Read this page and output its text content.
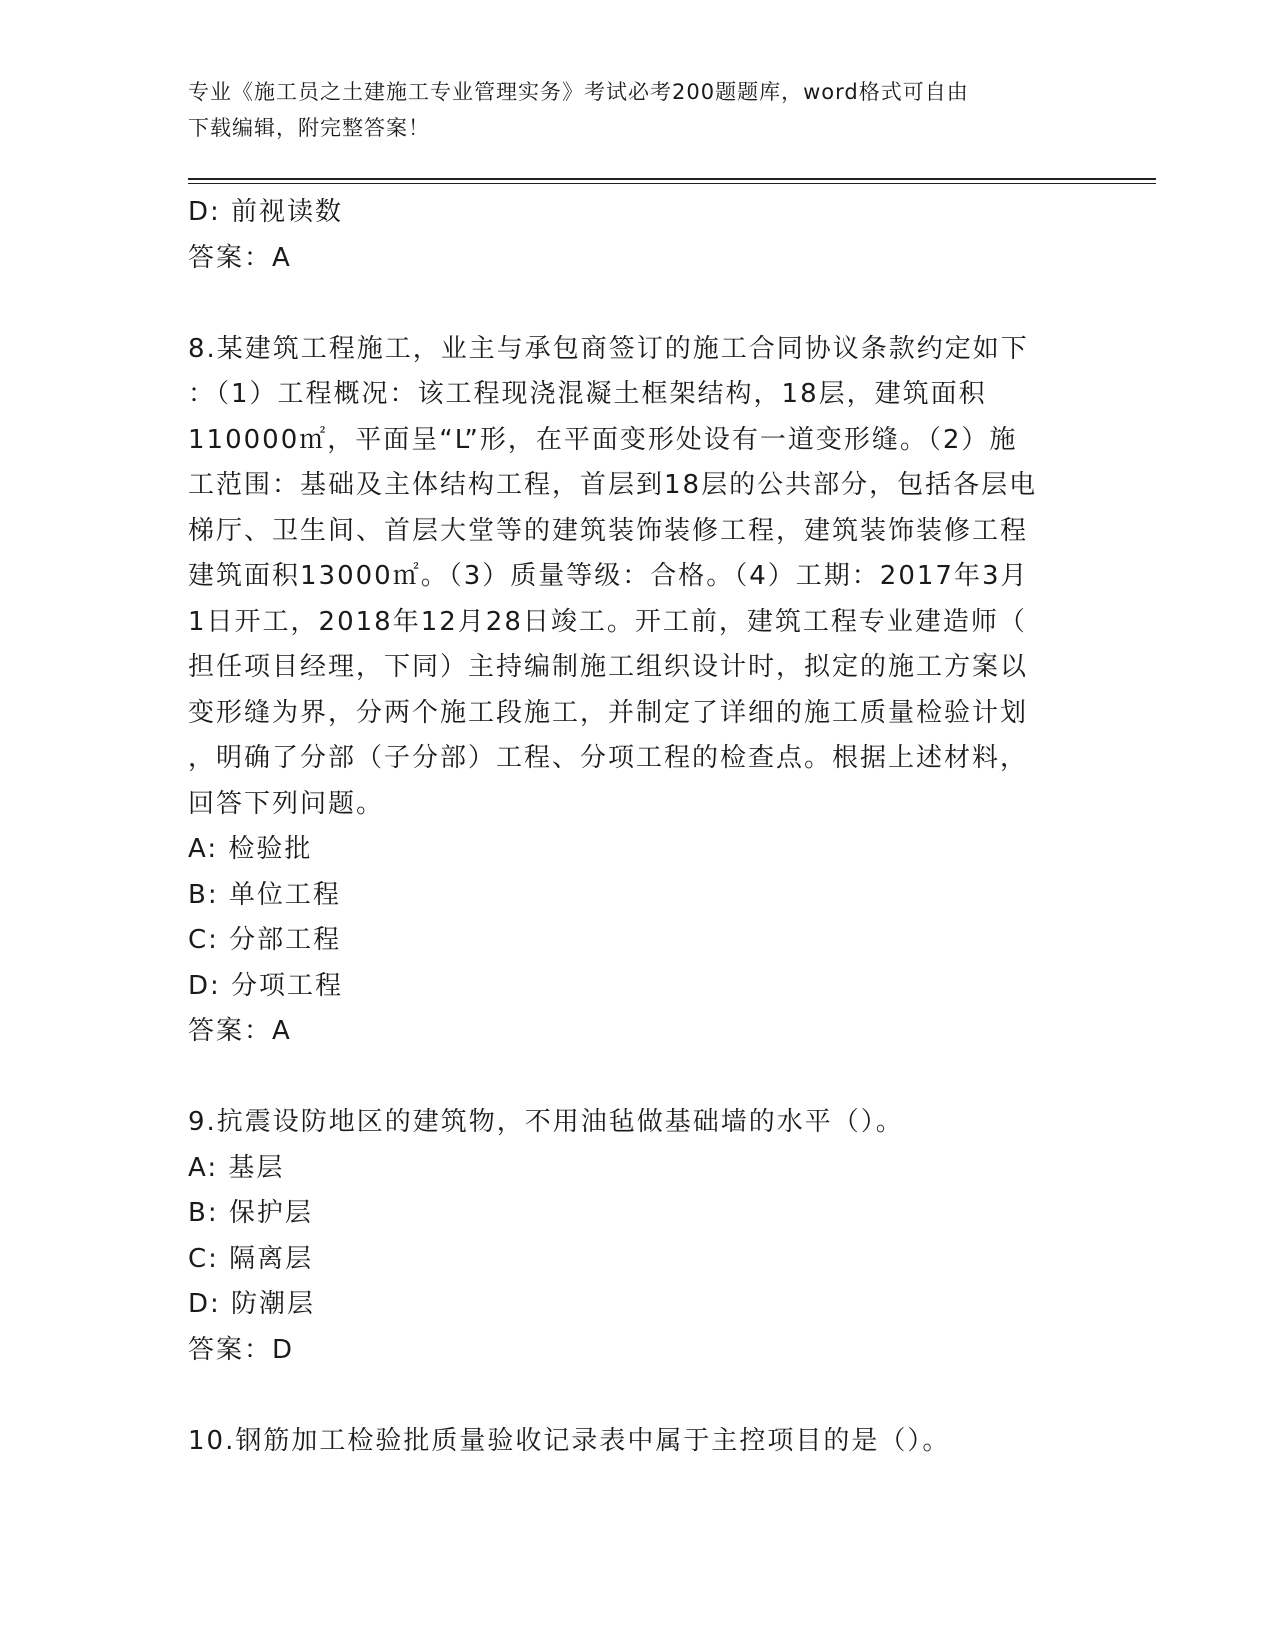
专业《施工员之土建施工专业管理实务》考试必考200题题库，word格式可自由
下载编辑，附完整答案！
D: 前视读数
答案：A
8.某建筑工程施工，业主与承包商签订的施工合同协议条款约定如下
：（1）工程概况：该工程现浇混凝土框架结构，18层，建筑面积
110000㎡，平面呈“L”形，在平面变形处设有一道变形缝。（2）施
工范围：基础及主体结构工程，首层到18层的公共部分，包括各层电
梯厅、卫生间、首层大堂等的建筑装饰装修工程，建筑装饰装修工程
建筑面积13000㎡。（3）质量等级：合格。（4）工期：2017年3月
1日开工，2018年12月28日竣工。开工前，建筑工程专业建造师（
担任项目经理，下同）主持编制施工组织设计时，拟定的施工方案以
变形缝为界，分两个施工段施工，并制定了详细的施工质量检验计划
，明确了分部（子分部）工程、分项工程的检查点。根据上述材料，
回答下列问题。
A: 检验批
B: 单位工程
C: 分部工程
D: 分项工程
答案：A
9.抗震设防地区的建筑物，不用油毡做基础墙的水平（）。
A: 基层
B: 保护层
C: 隔离层
D: 防潮层
答案：D
10.钢筋加工检验批质量验收记录表中属于主控项目的是（）。
